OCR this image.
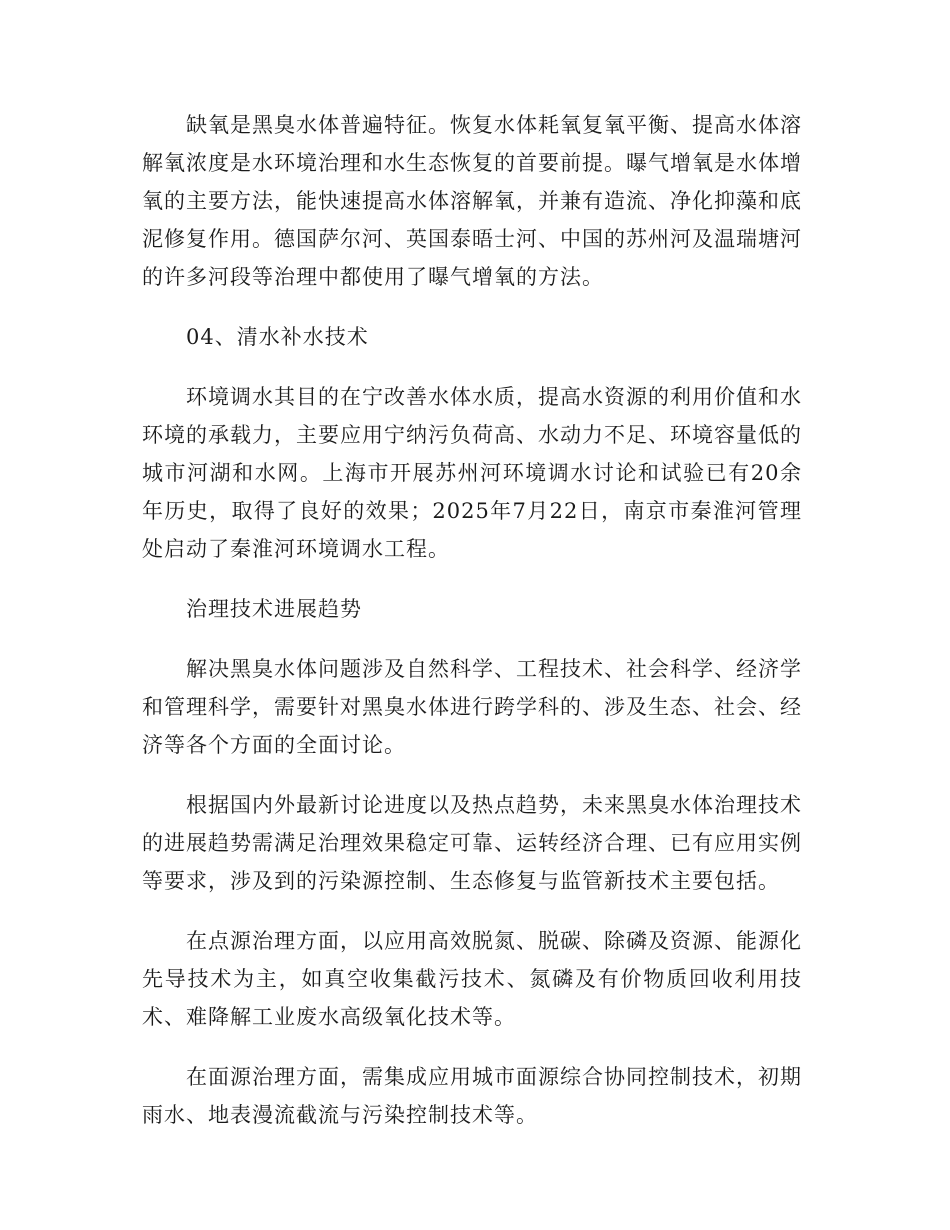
缺氧是黑臭水体普遍特征。恢复水体耗氧复氧平衡、提高水体溶解氧浓度是水环境治理和水生态恢复的首要前提。曝气增氧是水体增氧的主要方法，能快速提高水体溶解氧，并兼有造流、净化抑藻和底泥修复作用。德国萨尔河、英国泰晤士河、中国的苏州河及温瑞塘河的许多河段等治理中都使用了曝气增氧的方法。

04、清水补水技术

环境调水其目的在宁改善水体水质，提高水资源的利用价值和水环境的承载力，主要应用宁纳污负荷高、水动力不足、环境容量低的城市河湖和水网。上海市开展苏州河环境调水讨论和试验已有20余年历史，取得了良好的效果；2025年7月22日，南京市秦淮河管理处启动了秦淮河环境调水工程。

治理技术进展趋势

解决黑臭水体问题涉及自然科学、工程技术、社会科学、经济学和管理科学，需要针对黑臭水体进行跨学科的、涉及生态、社会、经济等各个方面的全面讨论。

根据国内外最新讨论进度以及热点趋势，未来黑臭水体治理技术的进展趋势需满足治理效果稳定可靠、运转经济合理、已有应用实例等要求，涉及到的污染源控制、生态修复与监管新技术主要包括。

在点源治理方面，以应用高效脱氮、脱碳、除磷及资源、能源化先导技术为主，如真空收集截污技术、氮磷及有价物质回收利用技术、难降解工业废水高级氧化技术等。

在面源治理方面，需集成应用城市面源综合协同控制技术，初期雨水、地表漫流截流与污染控制技术等。
